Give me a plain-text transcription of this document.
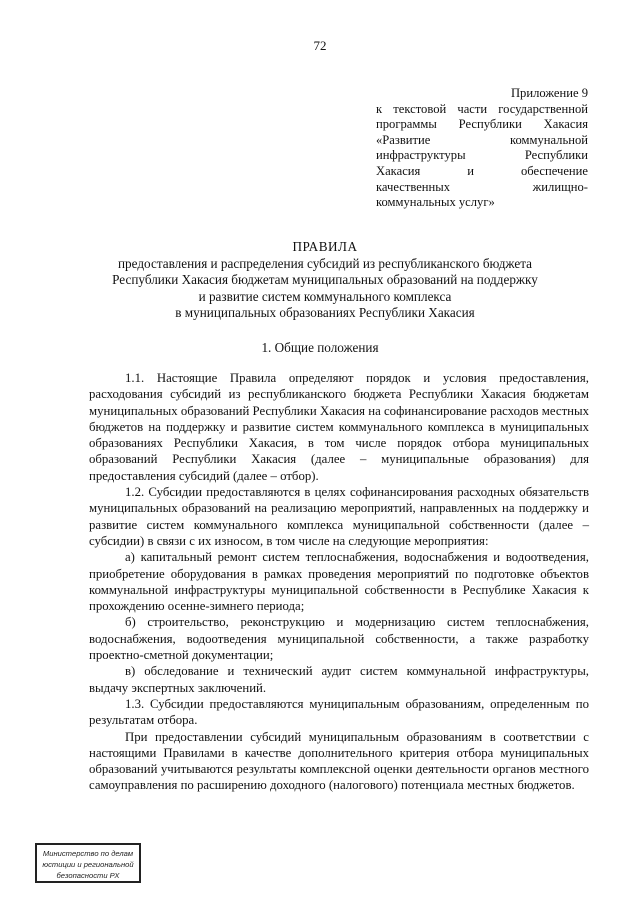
72
Приложение 9
к текстовой части государственной
программы Республики Хакасия
«Развитие коммунальной
инфраструктуры Республики
Хакасия и обеспечение
качественных жилищно-
коммунальных услуг»
ПРАВИЛА
предоставления и распределения субсидий из республиканского бюджета
Республики Хакасия бюджетам муниципальных образований на поддержку
и развитие систем коммунального комплекса
в муниципальных образованиях Республики Хакасия
1. Общие положения

1.1. Настоящие Правила определяют порядок и условия предоставления, расходования субсидий из республиканского бюджета Республики Хакасия бюджетам муниципальных образований Республики Хакасия на софинансирование расходов местных бюджетов на поддержку и развитие систем коммунального комплекса в муниципальных образованиях Республики Хакасия, в том числе порядок отбора муниципальных образований Республики Хакасия (далее – муниципальные образования) для предоставления субсидий (далее – отбор).

1.2. Субсидии предоставляются в целях софинансирования расходных обязательств муниципальных образований на реализацию мероприятий, направленных на поддержку и развитие систем коммунального комплекса муниципальной собственности (далее – субсидии) в связи с их износом, в том числе на следующие мероприятия:

а) капитальный ремонт систем теплоснабжения, водоснабжения и водоотведения, приобретение оборудования в рамках проведения мероприятий по подготовке объектов коммунальной инфраструктуры муниципальной собственности в Республике Хакасия к прохождению осенне-зимнего периода;

б) строительство, реконструкцию и модернизацию систем теплоснабжения, водоснабжения, водоотведения муниципальной собственности, а также разработку проектно-сметной документации;

в) обследование и технический аудит систем коммунальной инфраструктуры, выдачу экспертных заключений.

1.3. Субсидии предоставляются муниципальным образованиям, определенным по результатам отбора.

При предоставлении субсидий муниципальным образованиям в соответствии с настоящими Правилами в качестве дополнительного критерия отбора муниципальных образований учитываются результаты комплексной оценки деятельности органов местного самоуправления по расширению доходного (налогового) потенциала местных бюджетов.

Министерство по делам
юстиции и региональной
безопасности РХ
